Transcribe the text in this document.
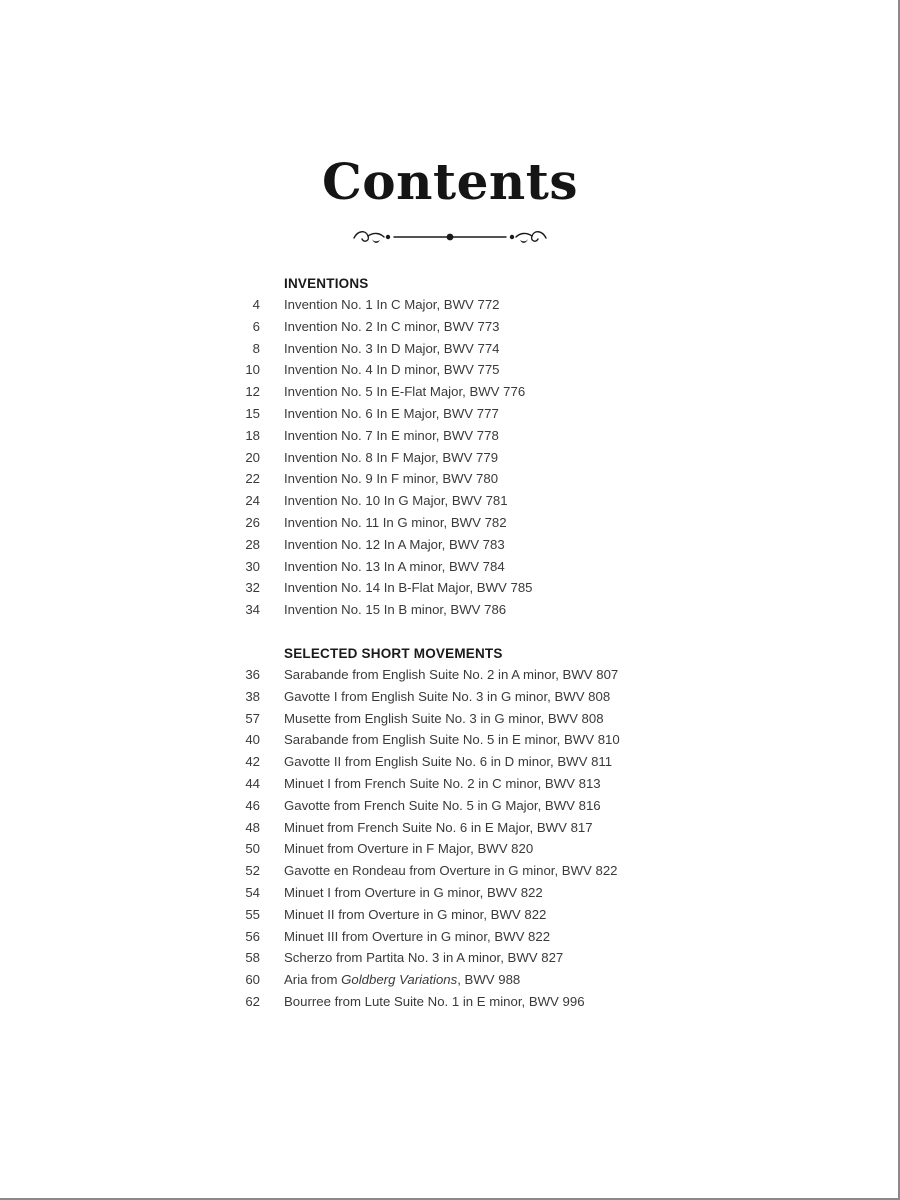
Contents
INVENTIONS
4 Invention No. 1 In C Major, BWV 772
6 Invention No. 2 In C minor, BWV 773
8 Invention No. 3 In D Major, BWV 774
10 Invention No. 4 In D minor, BWV 775
12 Invention No. 5 In E-Flat Major, BWV 776
15 Invention No. 6 In E Major, BWV 777
18 Invention No. 7 In E minor, BWV 778
20 Invention No. 8 In F Major, BWV 779
22 Invention No. 9 In F minor, BWV 780
24 Invention No. 10 In G Major, BWV 781
26 Invention No. 11 In G minor, BWV 782
28 Invention No. 12 In A Major, BWV 783
30 Invention No. 13 In A minor, BWV 784
32 Invention No. 14 In B-Flat Major, BWV 785
34 Invention No. 15 In B minor, BWV 786
SELECTED SHORT MOVEMENTS
36 Sarabande from English Suite No. 2 in A minor, BWV 807
38 Gavotte I from English Suite No. 3 in G minor, BWV 808
57 Musette from English Suite No. 3 in G minor, BWV 808
40 Sarabande from English Suite No. 5 in E minor, BWV 810
42 Gavotte II from English Suite No. 6 in D minor, BWV 811
44 Minuet I from French Suite No. 2 in C minor, BWV 813
46 Gavotte from French Suite No. 5 in G Major, BWV 816
48 Minuet from French Suite No. 6 in E Major, BWV 817
50 Minuet from Overture in F Major, BWV 820
52 Gavotte en Rondeau from Overture in G minor, BWV 822
54 Minuet I from Overture in G minor, BWV 822
55 Minuet II from Overture in G minor, BWV 822
56 Minuet III from Overture in G minor, BWV 822
58 Scherzo from Partita No. 3 in A minor, BWV 827
60 Aria from Goldberg Variations, BWV 988
62 Bourree from Lute Suite No. 1 in E minor, BWV 996
